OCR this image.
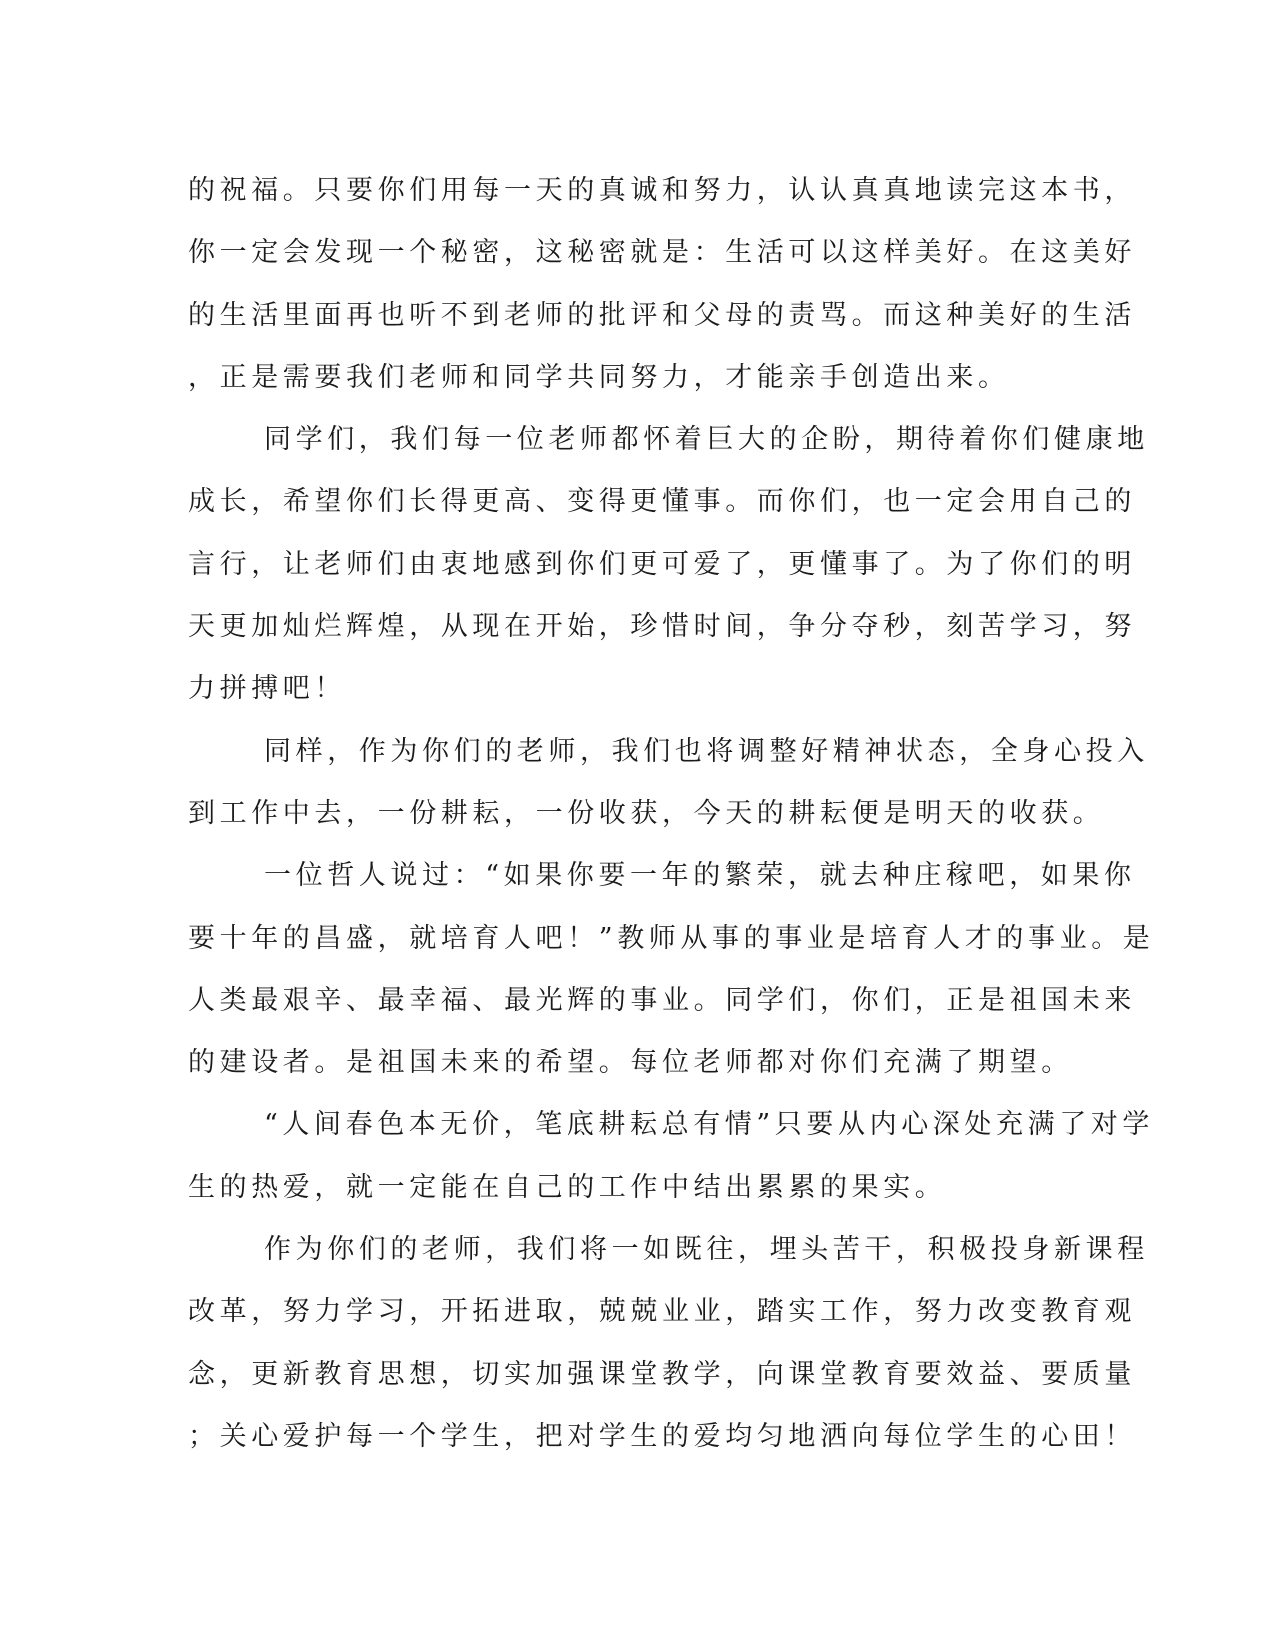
的祝福。只要你们用每一天的真诚和努力，认认真真地读完这本书，
你一定会发现一个秘密，这秘密就是：生活可以这样美好。在这美好
的生活里面再也听不到老师的批评和父母的责骂。而这种美好的生活
，正是需要我们老师和同学共同努力，才能亲手创造出来。
同学们，我们每一位老师都怀着巨大的企盼，期待着你们健康地
成长，希望你们长得更高、变得更懂事。而你们，也一定会用自己的
言行，让老师们由衷地感到你们更可爱了，更懂事了。为了你们的明
天更加灿烂辉煌，从现在开始，珍惜时间，争分夺秒，刻苦学习，努
力拼搏吧！
同样，作为你们的老师，我们也将调整好精神状态，全身心投入
到工作中去，一份耕耘，一份收获，今天的耕耘便是明天的收获。
一位哲人说过：“如果你要一年的繁荣，就去种庄稼吧，如果你
要十年的昌盛，就培育人吧！”教师从事的事业是培育人才的事业。是
人类最艰辛、最幸福、最光辉的事业。同学们，你们，正是祖国未来
的建设者。是祖国未来的希望。每位老师都对你们充满了期望。
“人间春色本无价，笔底耕耘总有情”只要从内心深处充满了对学
生的热爱，就一定能在自己的工作中结出累累的果实。
作为你们的老师，我们将一如既往，埋头苦干，积极投身新课程
改革，努力学习，开拓进取，兢兢业业，踏实工作，努力改变教育观
念，更新教育思想，切实加强课堂教学，向课堂教育要效益、要质量
；关心爱护每一个学生，把对学生的爱均匀地洒向每位学生的心田！
